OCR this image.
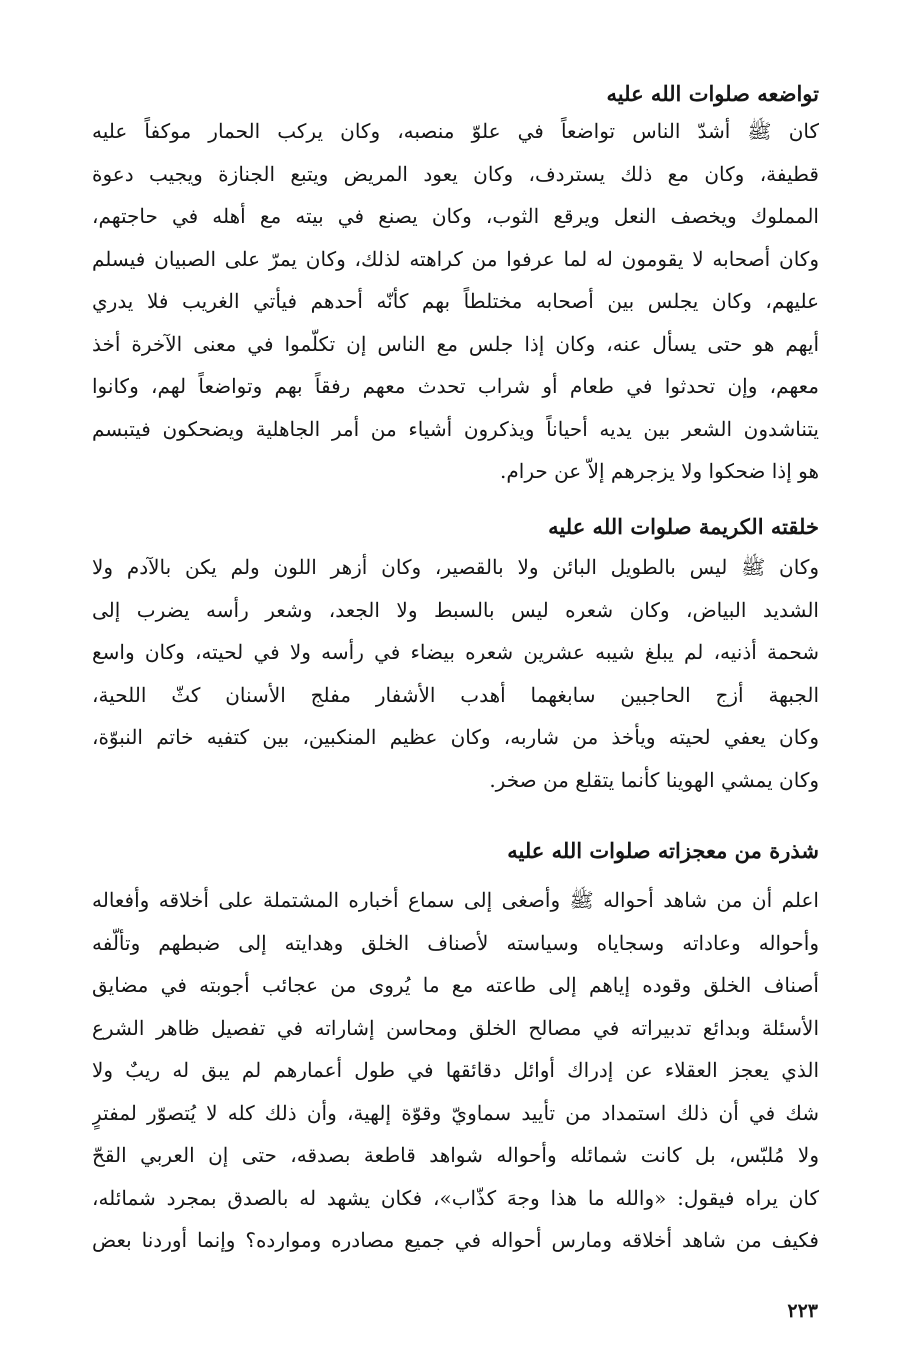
تواضعه صلوات الله عليه
كان ﷺ أشدّ الناس تواضعاً في علوّ منصبه، وكان يركب الحمار موكفاً عليه
قطيفة، وكان مع ذلك يستردف، وكان يعود المريض ويتبع الجنازة ويجيب دعوة
المملوك ويخصف النعل ويرقع الثوب، وكان يصنع في بيته مع أهله في حاجتهم،
وكان أصحابه لا يقومون له لما عرفوا من كراهته لذلك، وكان يمرّ على الصبيان فيسلم
عليهم، وكان يجلس بين أصحابه مختلطاً بهم كأنّه أحدهم فيأتي الغريب فلا يدري
أيهم هو حتى يسأل عنه، وكان إذا جلس مع الناس إن تكلّموا في معنى الآخرة أخذ
معهم، وإن تحدثوا في طعام أو شراب تحدث معهم رفقاً بهم وتواضعاً لهم، وكانوا
يتناشدون الشعر بين يديه أحياناً ويذكرون أشياء من أمر الجاهلية ويضحكون فيتبسم
هو إذا ضحكوا ولا يزجرهم إلاّ عن حرام.
خلقته الكريمة صلوات الله عليه
وكان ﷺ ليس بالطويل البائن ولا بالقصير، وكان أزهر اللون ولم يكن بالآدم ولا
الشديد البياض، وكان شعره ليس بالسبط ولا الجعد، وشعر رأسه يضرب إلى
شحمة أذنيه، لم يبلغ شيبه عشرين شعره بيضاء في رأسه ولا في لحيته، وكان واسع
الجبهة أزج الحاجبين سابغهما أهدب الأشفار مفلج الأسنان كثّ اللحية،
وكان يعفي لحيته ويأخذ من شاربه، وكان عظيم المنكبين، بين كتفيه خاتم النبوّة،
وكان يمشي الهوينا كأنما يتقلع من صخر.
شذرة من معجزاته صلوات الله عليه
اعلم أن من شاهد أحواله ﷺ وأصغى إلى سماع أخباره المشتملة على أخلاقه وأفعاله
وأحواله وعاداته وسجاياه وسياسته لأصناف الخلق وهدايته إلى ضبطهم وتألّفه
أصناف الخلق وقوده إياهم إلى طاعته مع ما يُروى من عجائب أجوبته في مضايق
الأسئلة وبدائع تدبيراته في مصالح الخلق ومحاسن إشاراته في تفصيل ظاهر الشرع
الذي يعجز العقلاء عن إدراك أوائل دقائقها في طول أعمارهم لم يبق له ريبٌ ولا
شك في أن ذلك استمداد من تأييد سماويّ وقوّة إلهية، وأن ذلك كله لا يُتصوّر لمفترٍ
ولا مُلبّس، بل كانت شمائله وأحواله شواهد قاطعة بصدقه، حتى إن العربي القحّ
كان يراه فيقول: «والله ما هذا وجهَ كذّاب»، فكان يشهد له بالصدق بمجرد شمائله،
فكيف من شاهد أخلاقه ومارس أحواله في جميع مصادره وموارده؟ وإنما أوردنا بعض
٢٢٣
